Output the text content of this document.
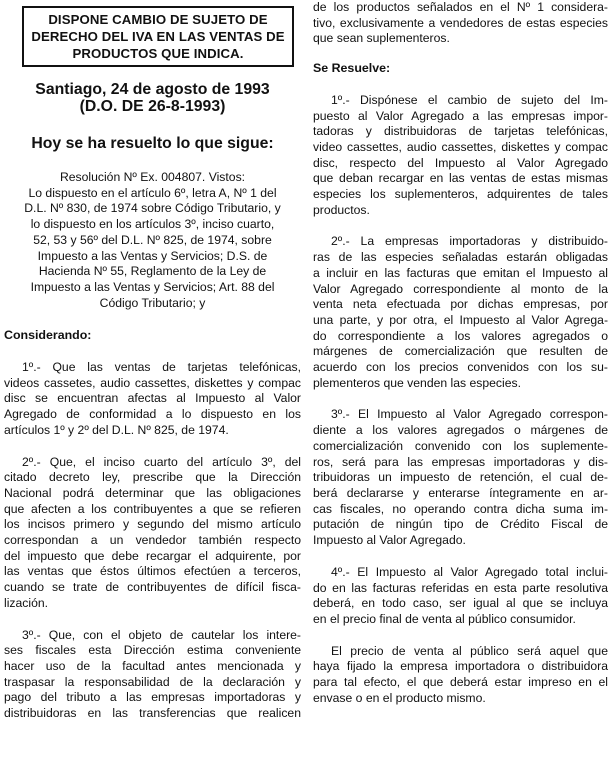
DISPONE CAMBIO DE SUJETO DE
DERECHO DEL IVA EN LAS VENTAS DE
PRODUCTOS QUE INDICA.
Santiago, 24 de agosto de 1993
(D.O. DE 26-8-1993)
Hoy se ha resuelto lo que sigue:
Resolución Nº Ex. 004807. Vistos:
Lo dispuesto en el artículo 6º, letra A, Nº 1 del
D.L. Nº 830, de 1974 sobre Código Tributario, y
lo dispuesto en los artículos 3º, inciso cuarto,
52, 53 y 56º del D.L. Nº 825, de 1974, sobre
Impuesto a las Ventas y Servicios; D.S. de
Hacienda Nº 55, Reglamento de la Ley de
Impuesto a las Ventas y Servicios; Art. 88 del
Código Tributario; y
Considerando:
1º.- Que las ventas de tarjetas telefónicas,
videos cassetes, audio cassettes, diskettes y compac
disc se encuentran afectas al Impuesto al Valor
Agregado de conformidad a lo dispuesto en los
artículos 1º y 2º del D.L. Nº 825, de 1974.
2º.- Que, el inciso cuarto del artículo 3º, del
citado decreto ley, prescribe que la Dirección
Nacional podrá determinar que las obligaciones
que afecten a los contribuyentes a que se refieren
los incisos primero y segundo del mismo artículo
correspondan a un vendedor también respecto
del impuesto que debe recargar el adquirente, por
las ventas que éstos últimos efectúen a terceros,
cuando se trate de contribuyentes de difícil fisca-
lización.
3º.- Que, con el objeto de cautelar los intere-
ses fiscales esta Dirección estima conveniente
hacer uso de la facultad antes mencionada y
traspasar la responsabilidad de la declaración y
pago del tributo a las empresas importadoras y
distribuidoras en las transferencias que realicen
de los productos señalados en el Nº 1 considera-
tivo, exclusivamente a vendedores de estas especies
que sean suplementeros.
Se Resuelve:
1º.- Dispónese el cambio de sujeto del Im-
puesto al Valor Agregado a las empresas impor-
tadoras y distribuidoras de tarjetas telefónicas,
video cassettes, audio cassettes, diskettes y compac
disc, respecto del Impuesto al Valor Agregado
que deban recargar en las ventas de estas mismas
especies los suplementeros, adquirentes de tales
productos.
2º.- La empresas importadoras y distribuido-
ras de las especies señaladas estarán obligadas
a incluir en las facturas que emitan el Impuesto al
Valor Agregado correspondiente al monto de la
venta neta efectuada por dichas empresas, por
una parte, y por otra, el Impuesto al Valor Agrega-
do correspondiente a los valores agregados o
márgenes de comercialización que resulten de
acuerdo con los precios convenidos con los su-
plementeros que venden las especies.
3º.- El Impuesto al Valor Agregado correspon-
diente a los valores agregados o márgenes de
comercialización convenido con los suplemente-
ros, será para las empresas importadoras y dis-
tribuidoras un impuesto de retención, el cual de-
berá declararse y enterarse íntegramente en ar-
cas fiscales, no operando contra dicha suma im-
putación de ningún tipo de Crédito Fiscal de
Impuesto al Valor Agregado.
4º.- El Impuesto al Valor Agregado total inclui-
do en las facturas referidas en esta parte resolutiva
deberá, en todo caso, ser igual al que se incluya
en el precio final de venta al público consumidor.
El precio de venta al público será aquel que
haya fijado la empresa importadora o distribuidora
para tal efecto, el que deberá estar impreso en el
envase o en el producto mismo.
